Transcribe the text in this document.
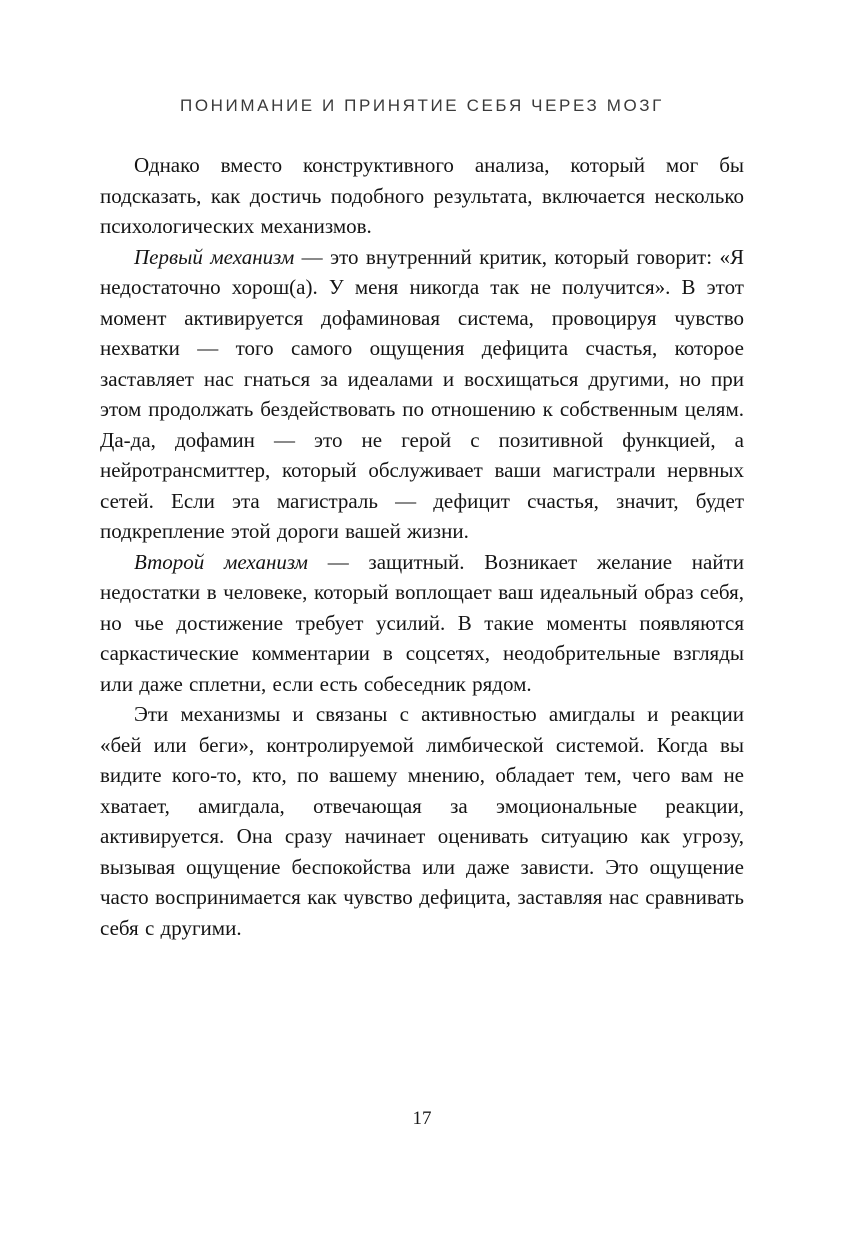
ПОНИМАНИЕ И ПРИНЯТИЕ СЕБЯ ЧЕРЕЗ МОЗГ

Однако вместо конструктивного анализа, который мог бы подсказать, как достичь подобного результата, включается несколько психологических механизмов.

Первый механизм — это внутренний критик, который говорит: «Я недостаточно хорош(а). У меня никогда так не получится». В этот момент активируется дофаминовая система, провоцируя чувство нехватки — того самого ощущения дефицита счастья, которое заставляет нас гнаться за идеалами и восхищаться другими, но при этом продолжать бездействовать по отношению к собственным целям. Да-да, дофамин — это не герой с позитивной функцией, а нейротрансмиттер, который обслуживает ваши магистрали нервных сетей. Если эта магистраль — дефицит счастья, значит, будет подкрепление этой дороги вашей жизни.

Второй механизм — защитный. Возникает желание найти недостатки в человеке, который воплощает ваш идеальный образ себя, но чье достижение требует усилий. В такие моменты появляются саркастические комментарии в соцсетях, неодобрительные взгляды или даже сплетни, если есть собеседник рядом.

Эти механизмы и связаны с активностью амигдалы и реакции «бей или беги», контролируемой лимбической системой. Когда вы видите кого-то, кто, по вашему мнению, обладает тем, чего вам не хватает, амигдала, отвечающая за эмоциональные реакции, активируется. Она сразу начинает оценивать ситуацию как угрозу, вызывая ощущение беспокойства или даже зависти. Это ощущение часто воспринимается как чувство дефицита, заставляя нас сравнивать себя с другими.

17
